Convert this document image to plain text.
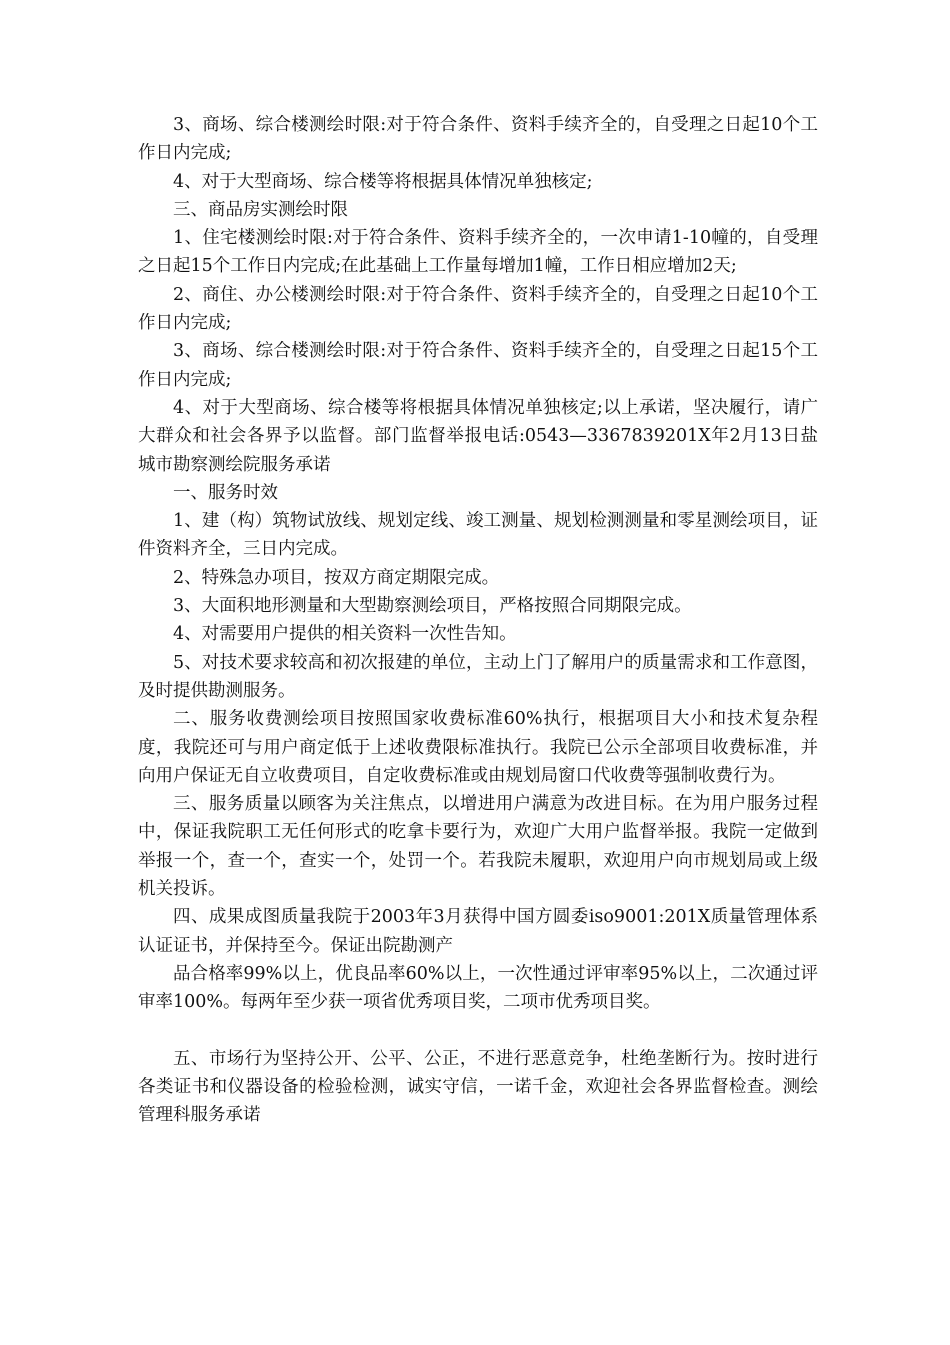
3、商场、综合楼测绘时限:对于符合条件、资料手续齐全的，自受理之日起10个工作日内完成;

4、对于大型商场、综合楼等将根据具体情况单独核定;

三、商品房实测绘时限

1、住宅楼测绘时限:对于符合条件、资料手续齐全的，一次申请1-10幢的，自受理之日起15个工作日内完成;在此基础上工作量每增加1幢，工作日相应增加2天;

2、商住、办公楼测绘时限:对于符合条件、资料手续齐全的，自受理之日起10个工作日内完成;

3、商场、综合楼测绘时限:对于符合条件、资料手续齐全的，自受理之日起15个工作日内完成;

4、对于大型商场、综合楼等将根据具体情况单独核定;以上承诺，坚决履行，请广大群众和社会各界予以监督。部门监督举报电话:0543—3367839201X年2月13日盐城市勘察测绘院服务承诺

一、服务时效

1、建（构）筑物试放线、规划定线、竣工测量、规划检测测量和零星测绘项目，证件资料齐全，三日内完成。

2、特殊急办项目，按双方商定期限完成。

3、大面积地形测量和大型勘察测绘项目，严格按照合同期限完成。

4、对需要用户提供的相关资料一次性告知。

5、对技术要求较高和初次报建的单位，主动上门了解用户的质量需求和工作意图，及时提供勘测服务。

二、服务收费测绘项目按照国家收费标准60%执行，根据项目大小和技术复杂程度，我院还可与用户商定低于上述收费限标准执行。我院已公示全部项目收费标准，并向用户保证无自立收费项目，自定收费标准或由规划局窗口代收费等强制收费行为。

三、服务质量以顾客为关注焦点，以增进用户满意为改进目标。在为用户服务过程中，保证我院职工无任何形式的吃拿卡要行为，欢迎广大用户监督举报。我院一定做到举报一个，查一个，查实一个，处罚一个。若我院未履职，欢迎用户向市规划局或上级机关投诉。

四、成果成图质量我院于2003年3月获得中国方圆委iso9001:201X质量管理体系认证证书，并保持至今。保证出院勘测产

品合格率99%以上，优良品率60%以上，一次性通过评审率95%以上，二次通过评审率100%。每两年至少获一项省优秀项目奖，二项市优秀项目奖。

五、市场行为坚持公开、公平、公正，不进行恶意竞争，杜绝垄断行为。按时进行各类证书和仪器设备的检验检测，诚实守信，一诺千金，欢迎社会各界监督检查。测绘管理科服务承诺
